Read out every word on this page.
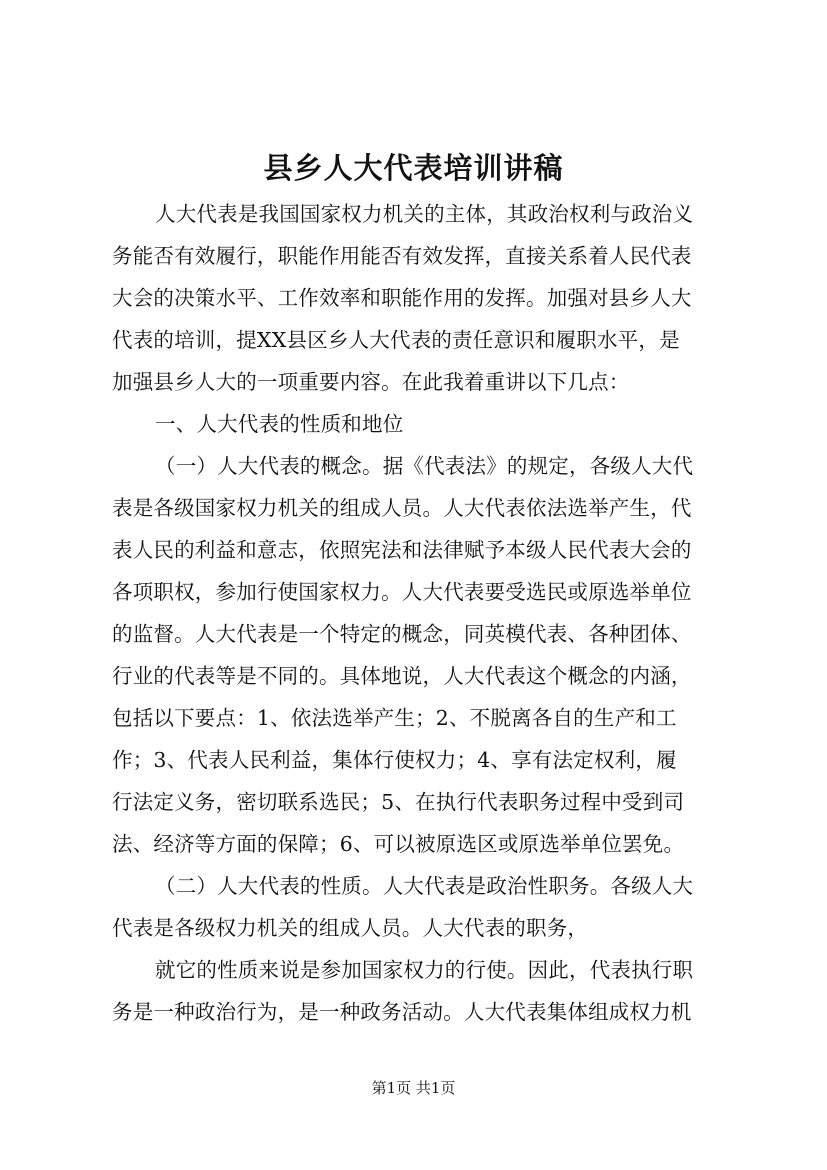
县乡人大代表培训讲稿
人大代表是我国国家权力机关的主体，其政治权利与政治义
务能否有效履行，职能作用能否有效发挥，直接关系着人民代表
大会的决策水平、工作效率和职能作用的发挥。加强对县乡人大
代表的培训，提XX县区乡人大代表的责任意识和履职水平，是
加强县乡人大的一项重要内容。在此我着重讲以下几点：
一、人大代表的性质和地位
（一）人大代表的概念。据《代表法》的规定，各级人大代
表是各级国家权力机关的组成人员。人大代表依法选举产生，代
表人民的利益和意志，依照宪法和法律赋予本级人民代表大会的
各项职权，参加行使国家权力。人大代表要受选民或原选举单位
的监督。人大代表是一个特定的概念，同英模代表、各种团体、
行业的代表等是不同的。具体地说，人大代表这个概念的内涵，
包括以下要点：1、依法选举产生；2、不脱离各自的生产和工
作；3、代表人民利益，集体行使权力；4、享有法定权利，履
行法定义务，密切联系选民；5、在执行代表职务过程中受到司
法、经济等方面的保障；6、可以被原选区或原选举单位罢免。
（二）人大代表的性质。人大代表是政治性职务。各级人大
代表是各级权力机关的组成人员。人大代表的职务，
就它的性质来说是参加国家权力的行使。因此，代表执行职
务是一种政治行为，是一种政务活动。人大代表集体组成权力机
第1页 共1页
